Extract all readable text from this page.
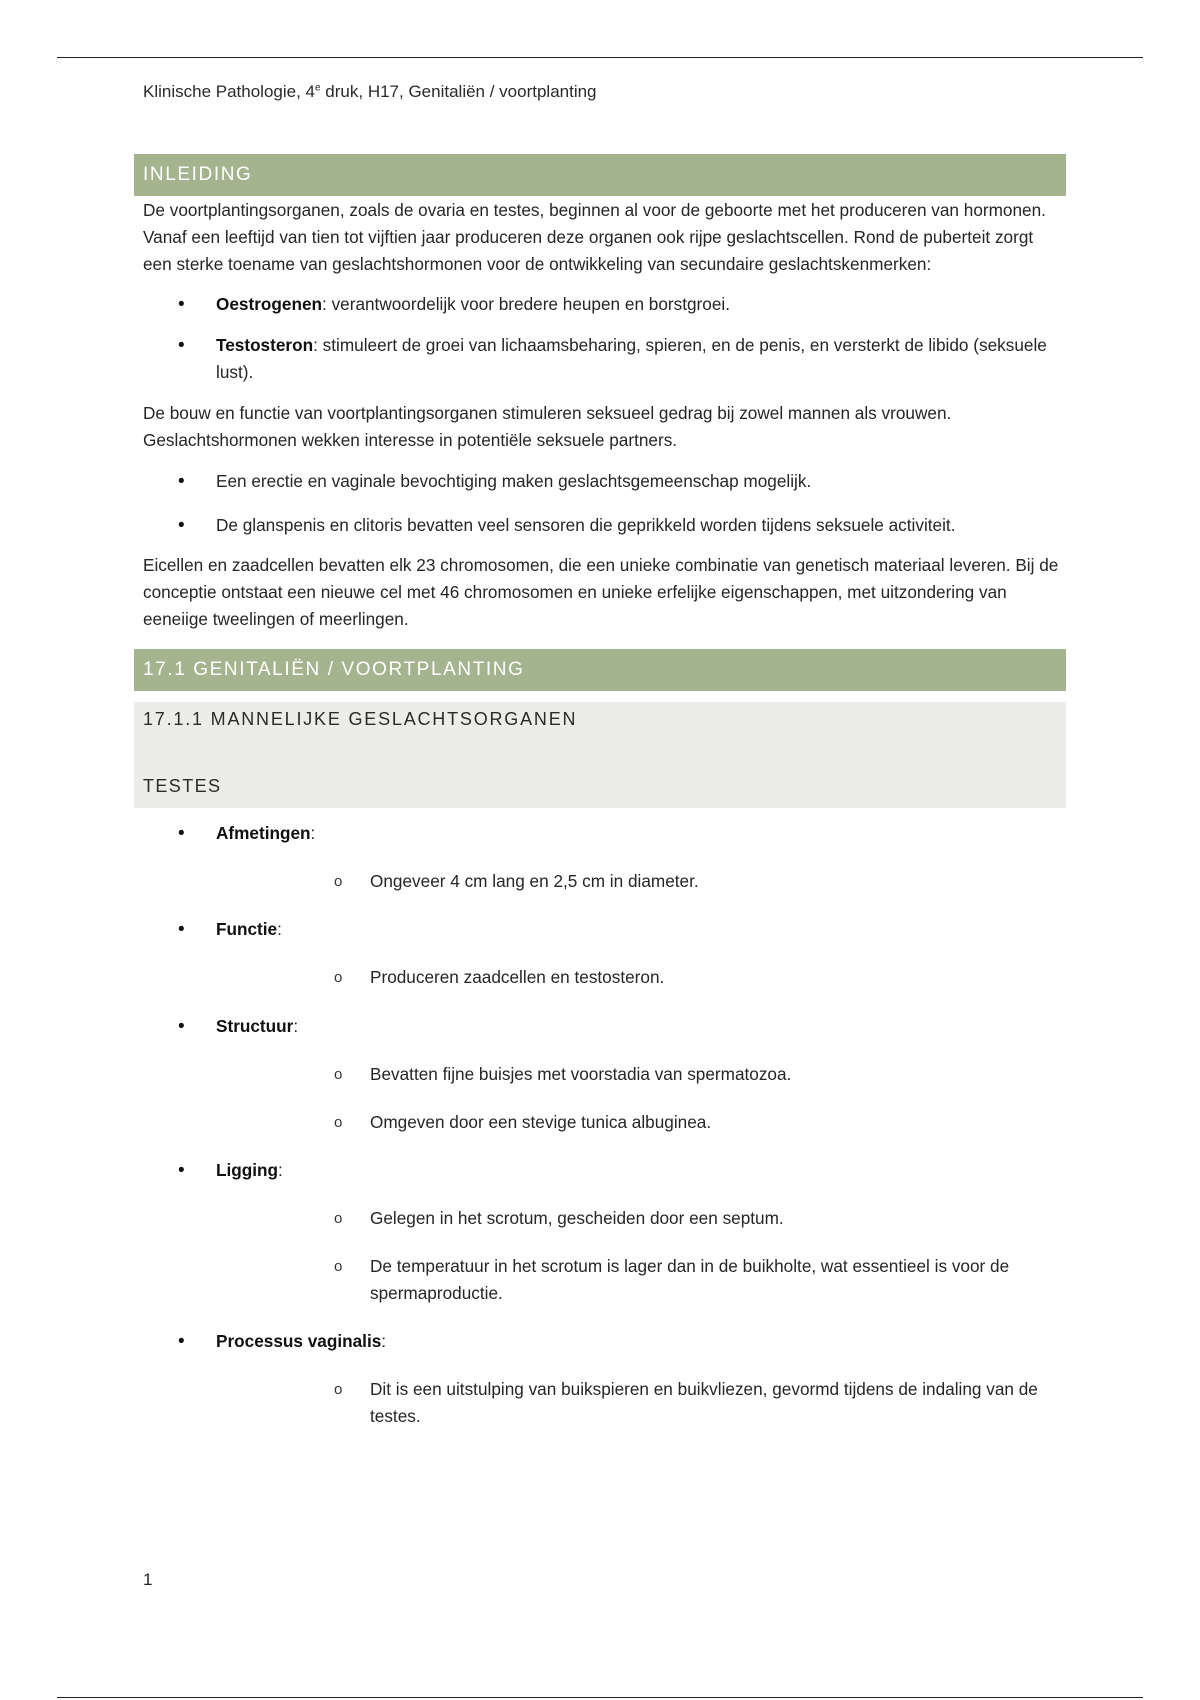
Klinische Pathologie, 4e druk, H17, Genitaliën / voortplanting
INLEIDING

De voortplantingsorganen, zoals de ovaria en testes, beginnen al voor de geboorte met het produceren van hormonen. Vanaf een leeftijd van tien tot vijftien jaar produceren deze organen ook rijpe geslachtscellen. Rond de puberteit zorgt een sterke toename van geslachtshormonen voor de ontwikkeling van secundaire geslachtskenmerken:

• Oestrogenen: verantwoordelijk voor bredere heupen en borstgroei.
• Testosteron: stimuleert de groei van lichaamsbeharing, spieren, en de penis, en versterkt de libido (seksuele lust).

De bouw en functie van voortplantingsorganen stimuleren seksueel gedrag bij zowel mannen als vrouwen. Geslachtshormonen wekken interesse in potentiële seksuele partners.

• Een erectie en vaginale bevochtiging maken geslachtsgemeenschap mogelijk.
• De glanspenis en clitoris bevatten veel sensoren die geprikkeld worden tijdens seksuele activiteit.

Eicellen en zaadcellen bevatten elk 23 chromosomen, die een unieke combinatie van genetisch materiaal leveren. Bij de conceptie ontstaat een nieuwe cel met 46 chromosomen en unieke erfelijke eigenschappen, met uitzondering van eeneiige tweelingen of meerlingen.

17.1 GENITALIËN / VOORTPLANTING
17.1.1 MANNELIJKE GESLACHTSORGANEN
TESTES
• Afmetingen:
o Ongeveer 4 cm lang en 2,5 cm in diameter.
• Functie:
o Produceren zaadcellen en testosteron.
• Structuur:
o Bevatten fijne buisjes met voorstadia van spermatozoa.
o Omgeven door een stevige tunica albuginea.
• Ligging:
o Gelegen in het scrotum, gescheiden door een septum.
o De temperatuur in het scrotum is lager dan in de buikholte, wat essentieel is voor de spermaproductie.
• Processus vaginalis:
o Dit is een uitstulping van buikspieren en buikvliezen, gevormd tijdens de indaling van de testes.
1
